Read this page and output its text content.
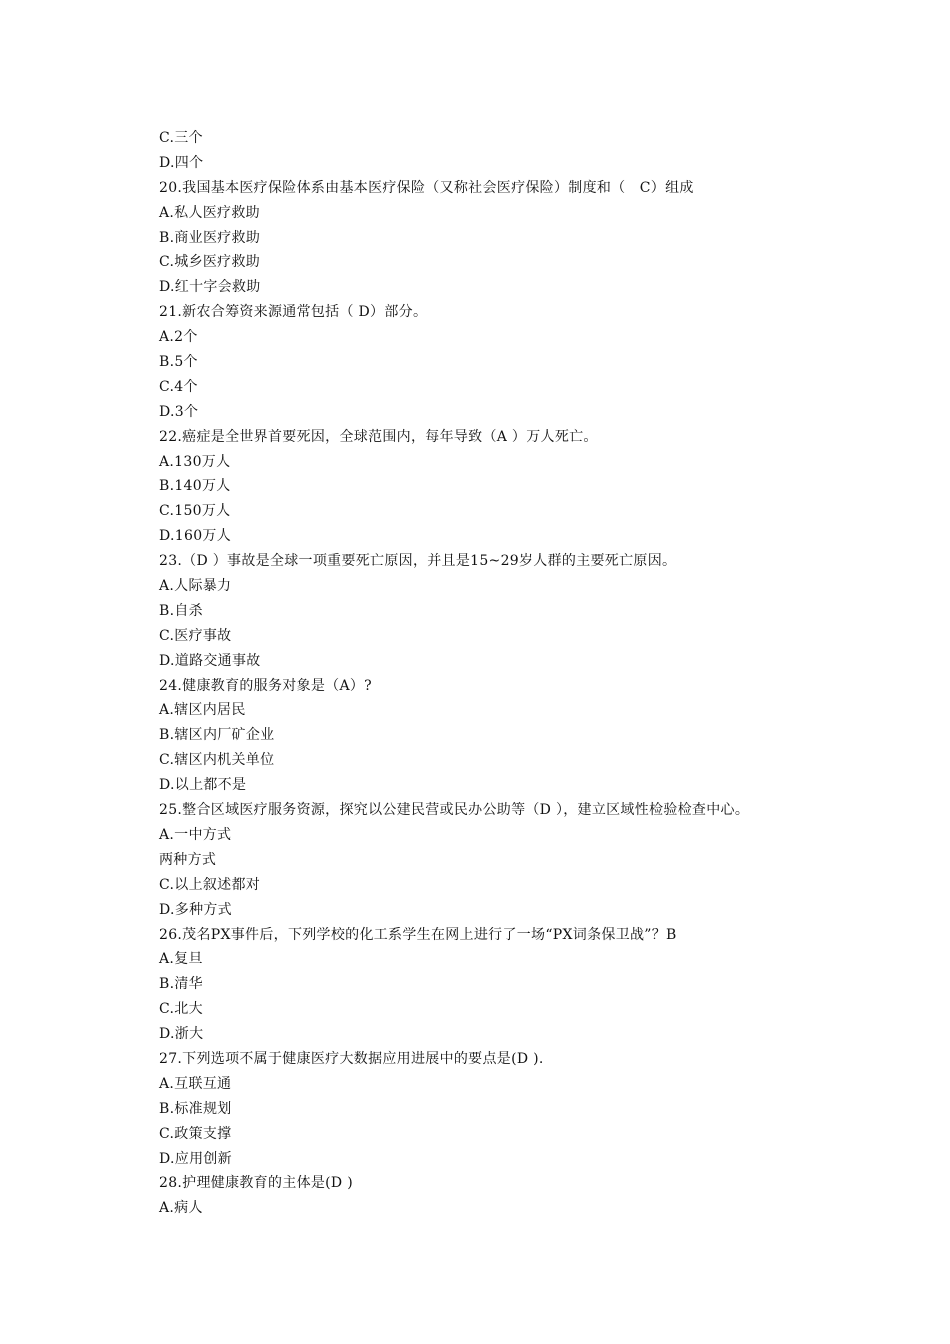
C.三个
D.四个
20.我国基本医疗保险体系由基本医疗保险（又称社会医疗保险）制度和（　C）组成
A.私人医疗救助
B.商业医疗救助
C.城乡医疗救助
D.红十字会救助
21.新农合筹资来源通常包括（ D）部分。
A.2个
B.5个
C.4个
D.3个
22.癌症是全世界首要死因，全球范围内，每年导致（A ）万人死亡。
A.130万人
B.140万人
C.150万人
D.160万人
23.（D ）事故是全球一项重要死亡原因，并且是15~29岁人群的主要死亡原因。
A.人际暴力
B.自杀
C.医疗事故
D.道路交通事故
24.健康教育的服务对象是（A）?
A.辖区内居民
B.辖区内厂矿企业
C.辖区内机关单位
D.以上都不是
25.整合区域医疗服务资源，探究以公建民营或民办公助等（D ），建立区域性检验检查中心。
A.一中方式
两种方式
C.以上叙述都对
D.多种方式
26.茂名PX事件后，下列学校的化工系学生在网上进行了一场“PX词条保卫战”？B
A.复旦
B.清华
C.北大
D.浙大
27.下列选项不属于健康医疗大数据应用进展中的要点是(D ).
A.互联互通
B.标准规划
C.政策支撑
D.应用创新
28.护理健康教育的主体是(D )
A.病人
